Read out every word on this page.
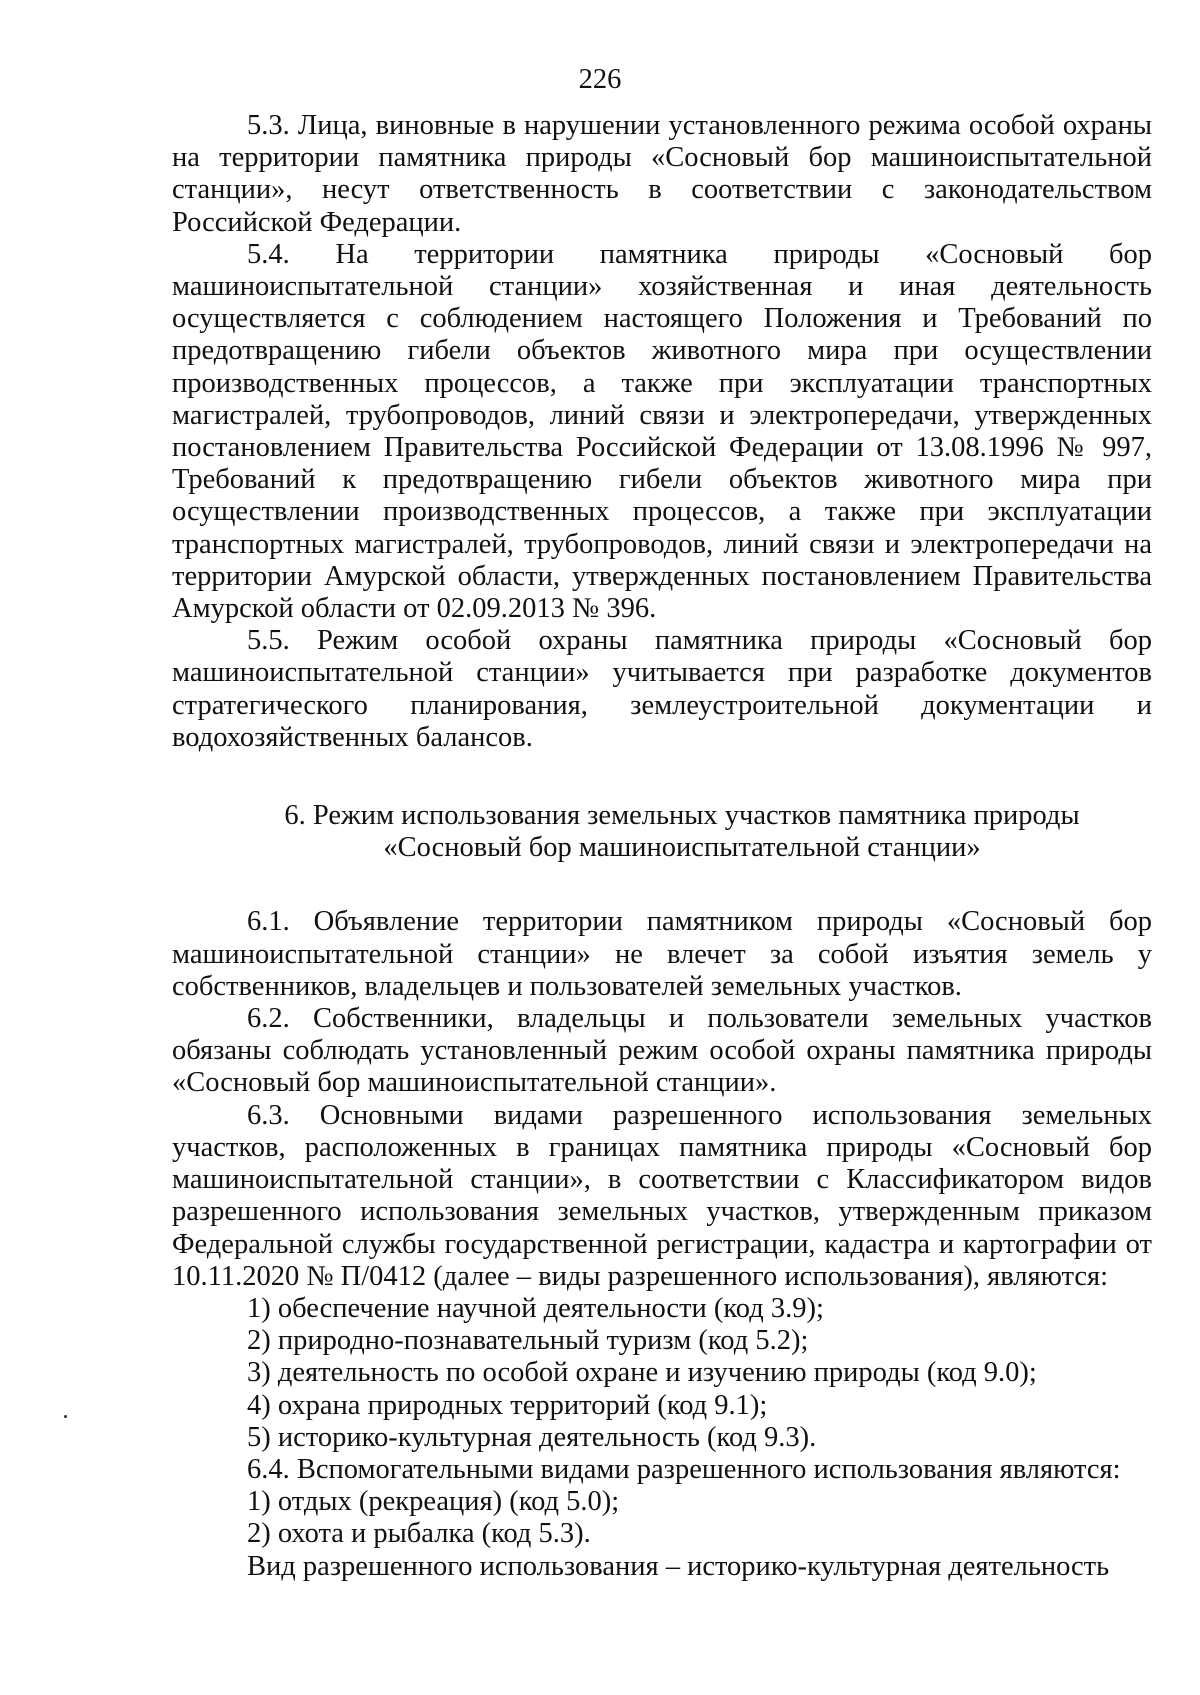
226

5.3. Лица, виновные в нарушении установленного режима особой охраны на территории памятника природы «Сосновый бор машиноиспытательной станции», несут ответственность в соответствии с законодательством Российской Федерации.

5.4. На территории памятника природы «Сосновый бор машиноиспытательной станции» хозяйственная и иная деятельность осуществляется с соблюдением настоящего Положения и Требований по предотвращению гибели объектов животного мира при осуществлении производственных процессов, а также при эксплуатации транспортных магистралей, трубопроводов, линий связи и электропередачи, утвержденных постановлением Правительства Российской Федерации от 13.08.1996 № 997, Требований к предотвращению гибели объектов животного мира при осуществлении производственных процессов, а также при эксплуатации транспортных магистралей, трубопроводов, линий связи и электропередачи на территории Амурской области, утвержденных постановлением Правительства Амурской области от 02.09.2013 № 396.

5.5. Режим особой охраны памятника природы «Сосновый бор машиноиспытательной станции» учитывается при разработке документов стратегического планирования, землеустроительной документации и водохозяйственных балансов.

6. Режим использования земельных участков памятника природы
«Сосновый бор машиноиспытательной станции»

6.1. Объявление территории памятником природы «Сосновый бор машиноиспытательной станции» не влечет за собой изъятия земель у собственников, владельцев и пользователей земельных участков.

6.2. Собственники, владельцы и пользователи земельных участков обязаны соблюдать установленный режим особой охраны памятника природы «Сосновый бор машиноиспытательной станции».

6.3. Основными видами разрешенного использования земельных участков, расположенных в границах памятника природы «Сосновый бор машиноиспытательной станции», в соответствии с Классификатором видов разрешенного использования земельных участков, утвержденным приказом Федеральной службы государственной регистрации, кадастра и картографии от 10.11.2020 № П/0412 (далее – виды разрешенного использования), являются:

1) обеспечение научной деятельности (код 3.9);

2) природно-познавательный туризм (код 5.2);

3) деятельность по особой охране и изучению природы (код 9.0);

4) охрана природных территорий (код 9.1);

5) историко-культурная деятельность (код 9.3).

6.4. Вспомогательными видами разрешенного использования являются:

1) отдых (рекреация) (код 5.0);

2) охота и рыбалка (код 5.3).

Вид разрешенного использования – историко-культурная деятельность
